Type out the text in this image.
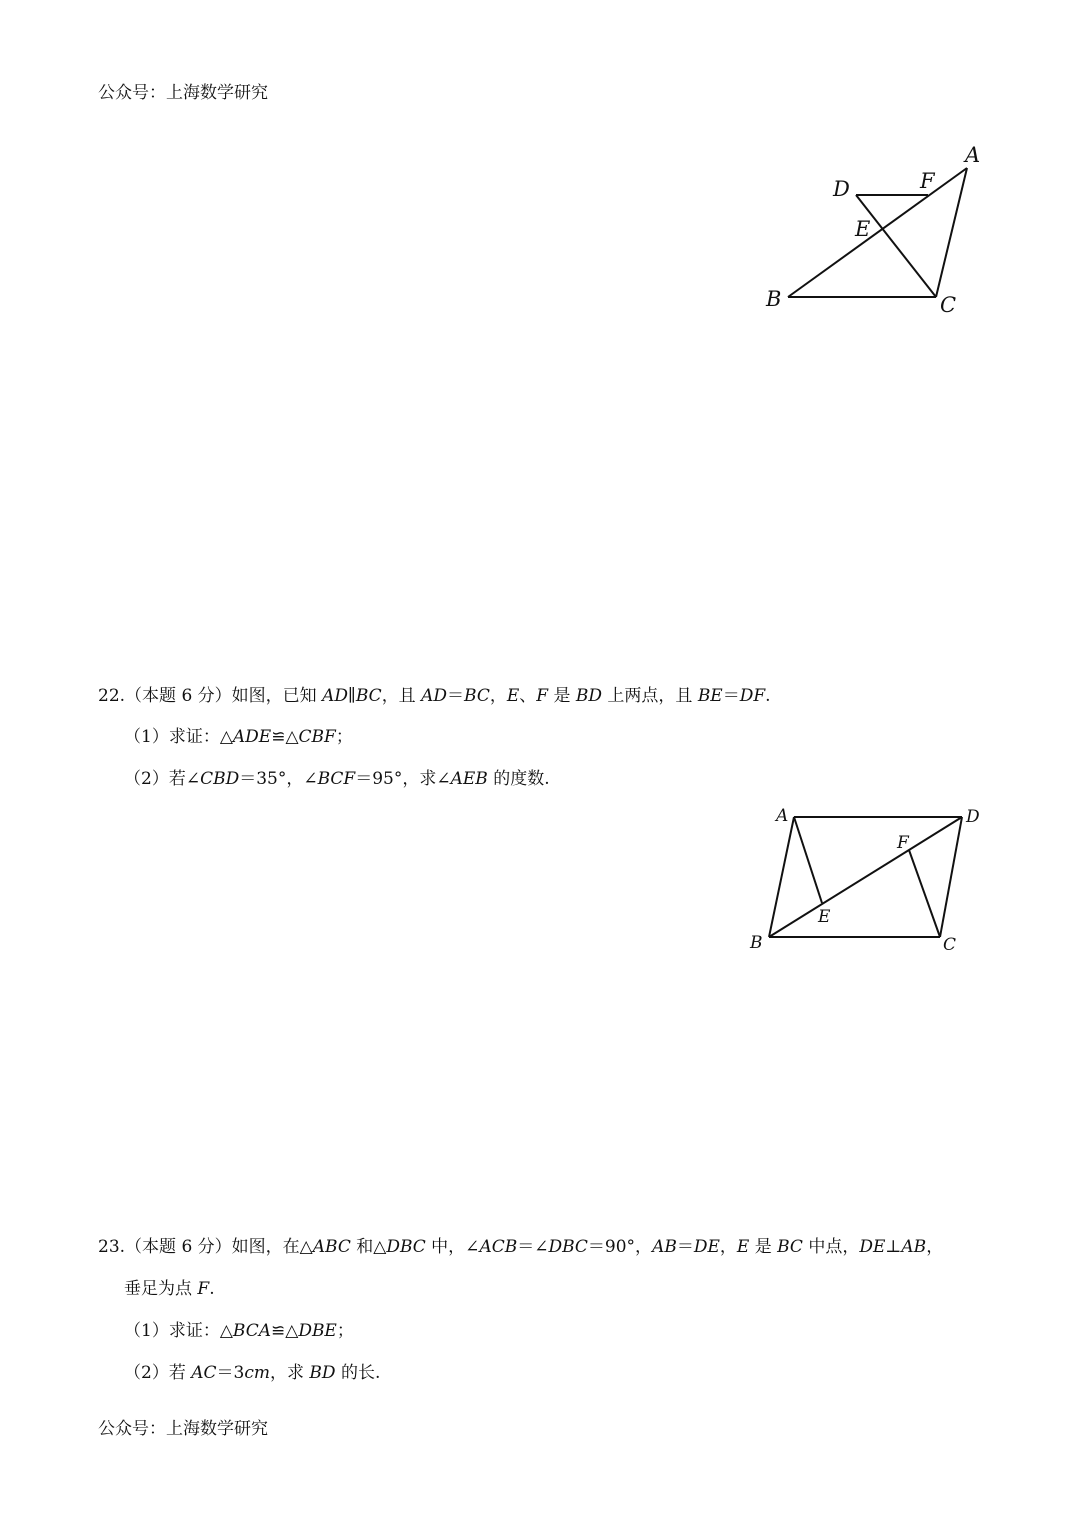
公众号：上海数学研究
A
B	C
D
E
F
22.（本题 6 分）如图，已知 AD∥BC，且 AD＝BC，E、F 是 BD 上两点，且 BE＝DF.
（1）求证：△ADE≌△CBF；
（2）若∠CBD＝35°，∠BCF＝95°，求∠AEB 的度数.
A
B	C
D
E
F
23.（本题 6 分）如图，在△ABC 和△DBC 中，∠ACB＝∠DBC＝90°，AB＝DE，E 是 BC 中点，DE⊥AB，
垂足为点 F.
（1）求证：△BCA≌△DBE；
（2）若 AC＝3cm，求 BD 的长.
公众号：上海数学研究
